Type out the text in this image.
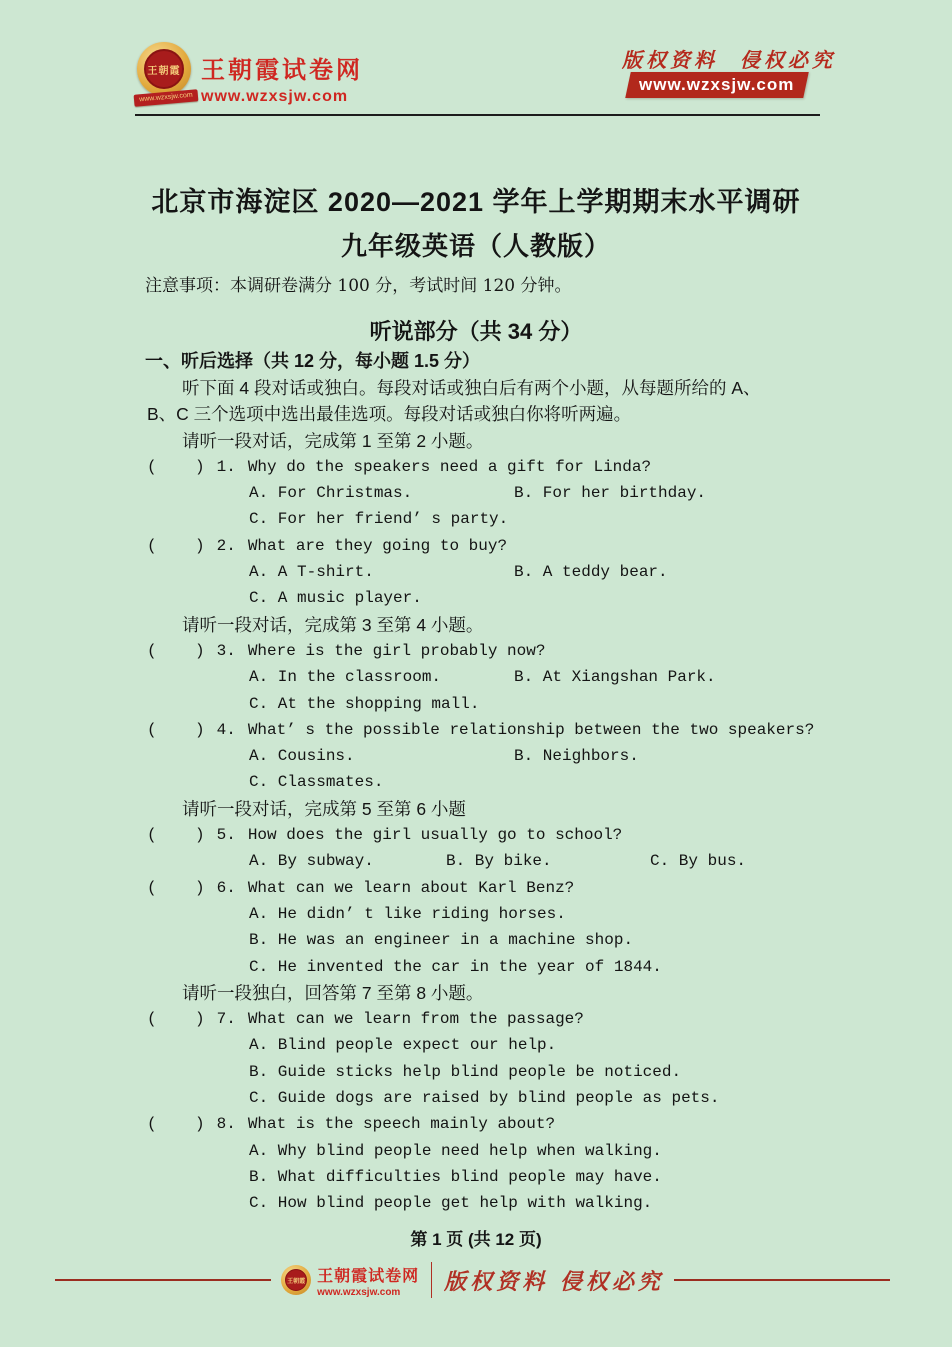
王朝霞
www.wzxsjw.com
王朝霞试卷网
www.wzxsjw.com
版权资料  侵权必究
www.wzxsjw.com
北京市海淀区 2020—2021 学年上学期期末水平调研
九年级英语（人教版）
注意事项：本调研卷满分 100 分，考试时间 120 分钟。
听说部分（共 34 分）
一、听后选择（共 12 分，每小题 1.5 分）
听下面 4 段对话或独白。每段对话或独白后有两个小题，从每题所给的 A、
B、C 三个选项中选出最佳选项。每段对话或独白你将听两遍。
请听一段对话，完成第 1 至第 2 小题。
(    ) 1. Why do the speakers need a gift for Linda?
A. For Christmas.	B. For her birthday.
C. For her friend’ s party.
(    ) 2. What are they going to buy?
A. A T-shirt.	B. A teddy bear.
C. A music player.
请听一段对话，完成第 3 至第 4 小题。
(    ) 3. Where is the girl probably now?
A. In the classroom.	B. At Xiangshan Park.
C. At the shopping mall.
(    ) 4. What’ s the possible relationship between the two speakers?
A. Cousins.	B. Neighbors.
C. Classmates.
请听一段对话，完成第 5 至第 6 小题
(    ) 5. How does the girl usually go to school?
A. By subway.	B. By bike.	C. By bus.
(    ) 6. What can we learn about Karl Benz?
A. He didn’ t like riding horses.
B. He was an engineer in a machine shop.
C. He invented the car in the year of 1844.
请听一段独白，回答第 7 至第 8 小题。
(    ) 7. What can we learn from the passage?
A. Blind people expect our help.
B. Guide sticks help blind people be noticed.
C. Guide dogs are raised by blind people as pets.
(    ) 8. What is the speech mainly about?
A. Why blind people need help when walking.
B. What difficulties blind people may have.
C. How blind people get help with walking.
第 1 页 (共 12 页)
王朝霞 王朝霞试卷网
www.wzxsjw.com	版权资料 侵权必究
